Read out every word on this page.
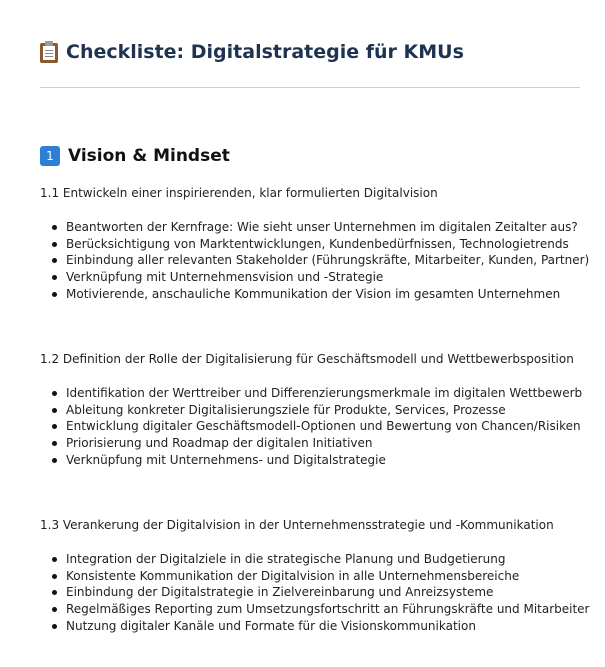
Checkliste: Digitalstrategie für KMUs
1 Vision & Mindset
1.1 Entwickeln einer inspirierenden, klar formulierten Digitalvision
Beantworten der Kernfrage: Wie sieht unser Unternehmen im digitalen Zeitalter aus?
Berücksichtigung von Marktentwicklungen, Kundenbedürfnissen, Technologietrends
Einbindung aller relevanten Stakeholder (Führungskräfte, Mitarbeiter, Kunden, Partner)
Verknüpfung mit Unternehmensvision und -Strategie
Motivierende, anschauliche Kommunikation der Vision im gesamten Unternehmen
1.2 Definition der Rolle der Digitalisierung für Geschäftsmodell und Wettbewerbsposition
Identifikation der Werttreiber und Differenzierungsmerkmale im digitalen Wettbewerb
Ableitung konkreter Digitalisierungsziele für Produkte, Services, Prozesse
Entwicklung digitaler Geschäftsmodell-Optionen und Bewertung von Chancen/Risiken
Priorisierung und Roadmap der digitalen Initiativen
Verknüpfung mit Unternehmens- und Digitalstrategie
1.3 Verankerung der Digitalvision in der Unternehmensstrategie und -Kommunikation
Integration der Digitalziele in die strategische Planung und Budgetierung
Konsistente Kommunikation der Digitalvision in alle Unternehmensbereiche
Einbindung der Digitalstrategie in Zielvereinbarung und Anreizsysteme
Regelmäßiges Reporting zum Umsetzungsfortschritt an Führungskräfte und Mitarbeiter
Nutzung digitaler Kanäle und Formate für die Visionskommunikation
